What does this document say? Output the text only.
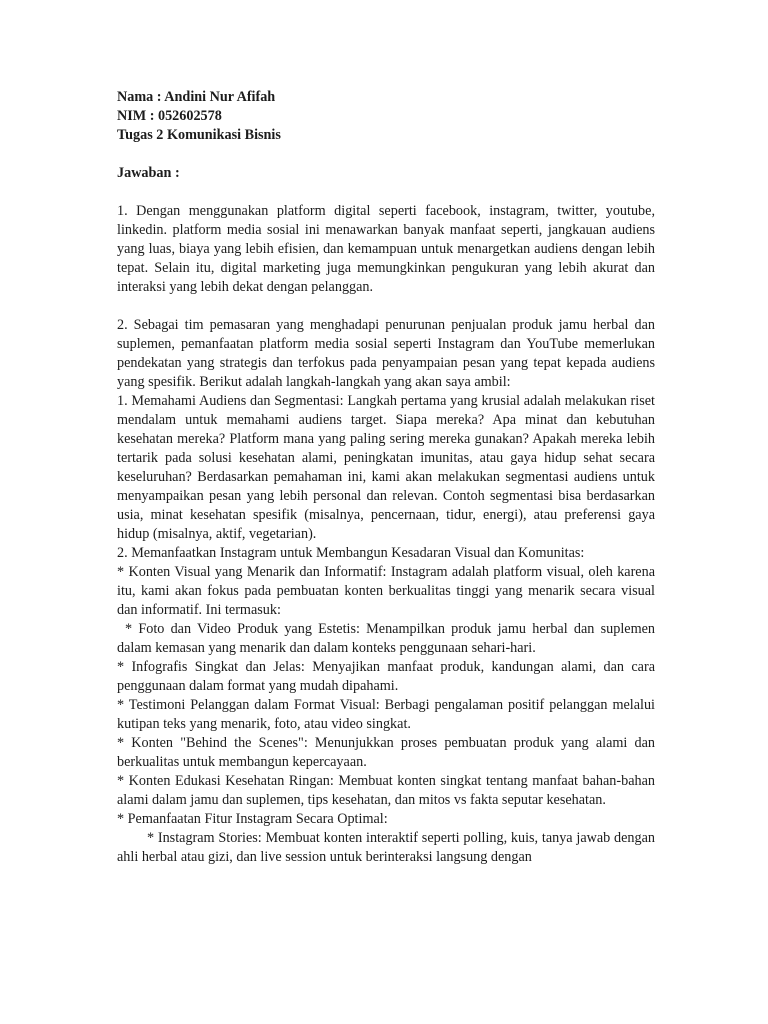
Nama : Andini Nur Afifah

NIM : 052602578

Tugas 2 Komunikasi Bisnis

Jawaban :

1. Dengan menggunakan platform digital seperti facebook, instagram, twitter, youtube, linkedin. platform media sosial ini menawarkan banyak manfaat seperti, jangkauan audiens yang luas, biaya yang lebih efisien, dan kemampuan untuk menargetkan audiens dengan lebih tepat. Selain itu, digital marketing juga memungkinkan pengukuran yang lebih akurat dan interaksi yang lebih dekat dengan pelanggan.

2. Sebagai tim pemasaran yang menghadapi penurunan penjualan produk jamu herbal dan suplemen, pemanfaatan platform media sosial seperti Instagram dan YouTube memerlukan pendekatan yang strategis dan terfokus pada penyampaian pesan yang tepat kepada audiens yang spesifik. Berikut adalah langkah-langkah yang akan saya ambil:

1. Memahami Audiens dan Segmentasi: Langkah pertama yang krusial adalah melakukan riset mendalam untuk memahami audiens target. Siapa mereka? Apa minat dan kebutuhan kesehatan mereka? Platform mana yang paling sering mereka gunakan? Apakah mereka lebih tertarik pada solusi kesehatan alami, peningkatan imunitas, atau gaya hidup sehat secara keseluruhan? Berdasarkan pemahaman ini, kami akan melakukan segmentasi audiens untuk menyampaikan pesan yang lebih personal dan relevan. Contoh segmentasi bisa berdasarkan usia, minat kesehatan spesifik (misalnya, pencernaan, tidur, energi), atau preferensi gaya hidup (misalnya, aktif, vegetarian).

2. Memanfaatkan Instagram untuk Membangun Kesadaran Visual dan Komunitas:

* Konten Visual yang Menarik dan Informatif: Instagram adalah platform visual, oleh karena itu, kami akan fokus pada pembuatan konten berkualitas tinggi yang menarik secara visual dan informatif. Ini termasuk:

* Foto dan Video Produk yang Estetis: Menampilkan produk jamu herbal dan suplemen dalam kemasan yang menarik dan dalam konteks penggunaan sehari-hari.

* Infografis Singkat dan Jelas: Menyajikan manfaat produk, kandungan alami, dan cara penggunaan dalam format yang mudah dipahami.

* Testimoni Pelanggan dalam Format Visual: Berbagi pengalaman positif pelanggan melalui kutipan teks yang menarik, foto, atau video singkat.

* Konten "Behind the Scenes": Menunjukkan proses pembuatan produk yang alami dan berkualitas untuk membangun kepercayaan.

* Konten Edukasi Kesehatan Ringan: Membuat konten singkat tentang manfaat bahan-bahan alami dalam jamu dan suplemen, tips kesehatan, dan mitos vs fakta seputar kesehatan.

* Pemanfaatan Fitur Instagram Secara Optimal:

* Instagram Stories: Membuat konten interaktif seperti polling, kuis, tanya jawab dengan ahli herbal atau gizi, dan live session untuk berinteraksi langsung dengan
